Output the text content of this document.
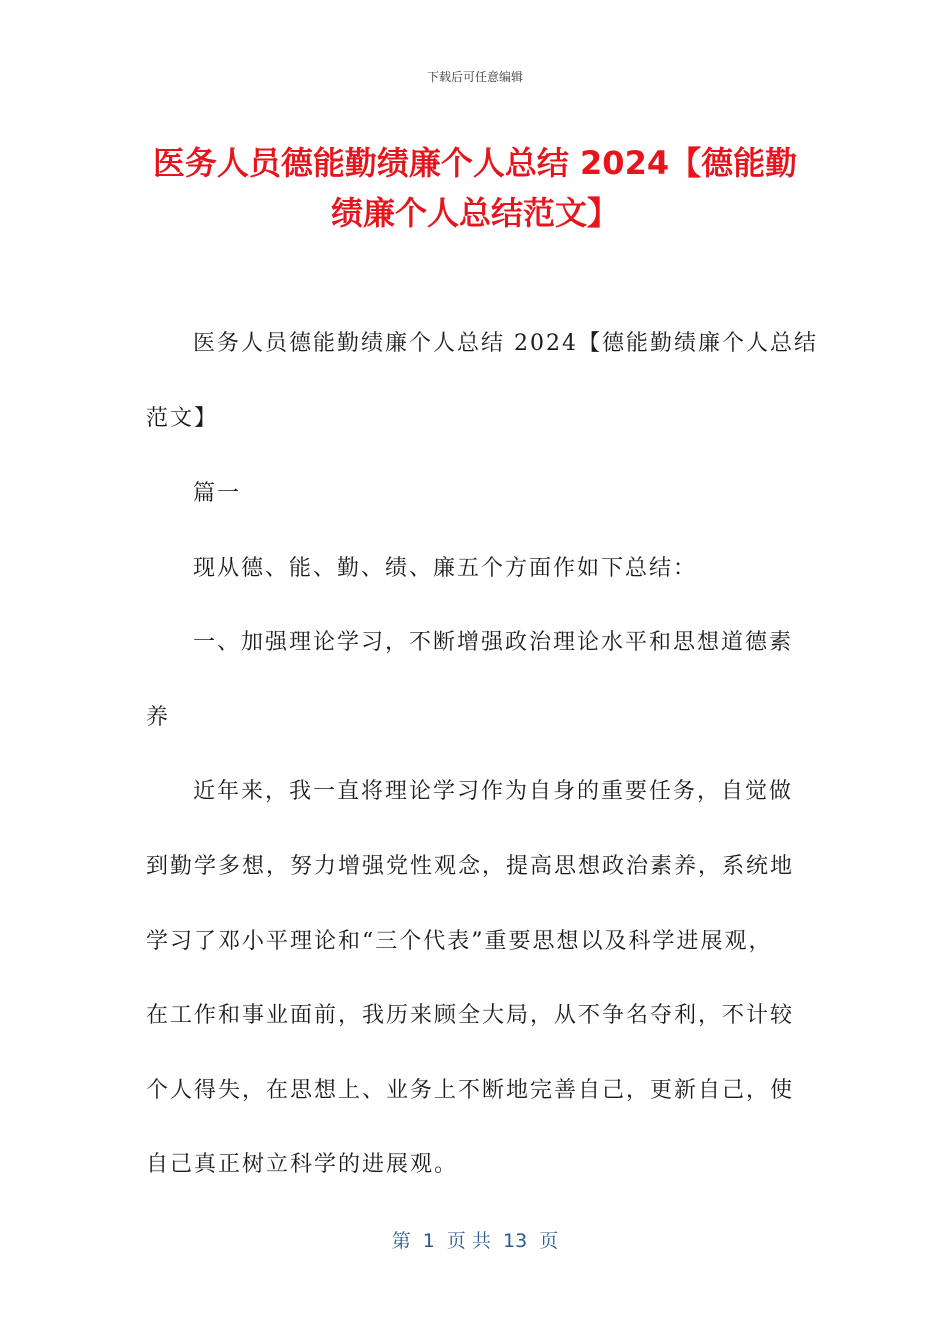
下载后可任意编辑
医务人员德能勤绩廉个人总结 2024【德能勤
绩廉个人总结范文】
医务人员德能勤绩廉个人总结 2024【德能勤绩廉个人总结
范文】
篇一
现从德、能、勤、绩、廉五个方面作如下总结：
一、加强理论学习，不断增强政治理论水平和思想道德素
养
近年来，我一直将理论学习作为自身的重要任务，自觉做
到勤学多想，努力增强党性观念，提高思想政治素养，系统地
学习了邓小平理论和“三个代表”重要思想以及科学进展观，
在工作和事业面前，我历来顾全大局，从不争名夺利，不计较
个人得失，在思想上、业务上不断地完善自己，更新自己，使
自己真正树立科学的进展观。
第  1  页 共  13  页
